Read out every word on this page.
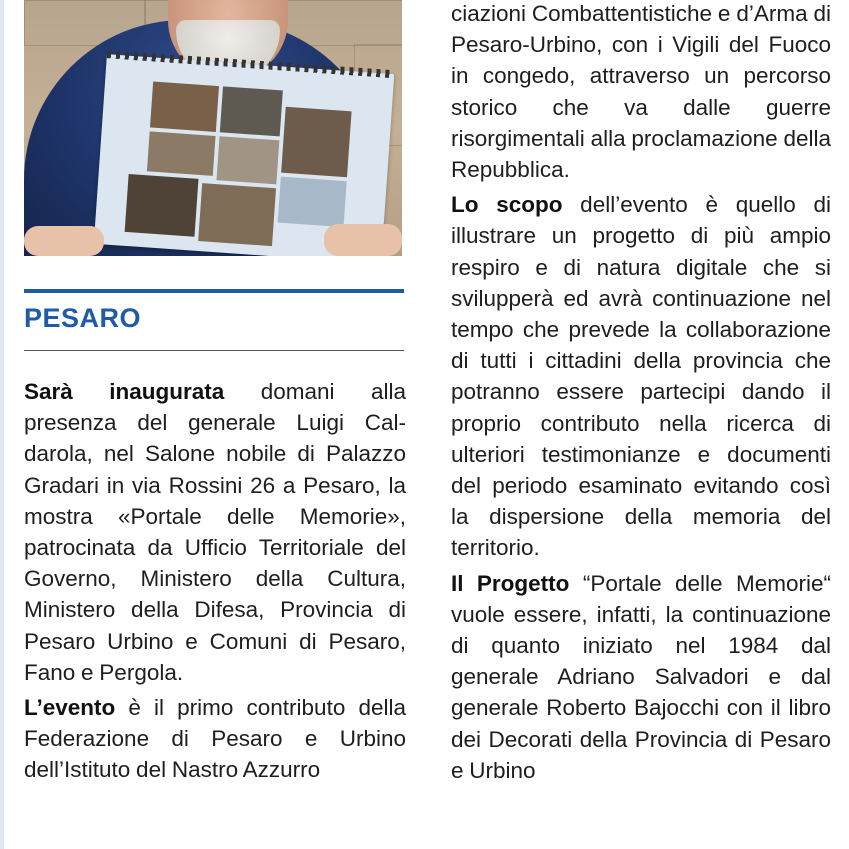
PESARO

Sarà inaugurata domani alla presenza del generale Luigi Caldarola, nel Salone nobile di Palazzo Gradari in via Rossini 26 a Pesaro, la mostra «Portale delle Memorie», patrocinata da Ufficio Territoriale del Governo, Ministero della Cultura, Ministero della Difesa, Provincia di Pesaro Urbino e Comuni di Pesaro, Fano e Pergola.

L’evento è il primo contributo della Federazione di Pesaro e Urbino dell’Istituto del Nastro Azzurro

ciazioni Combattentistiche e d’Arma di Pesaro-Urbino, con i Vigili del Fuoco in congedo, attraverso un percorso storico che va dalle guerre risorgimentali alla proclamazione della Repubblica.

Lo scopo dell’evento è quello di illustrare un progetto di più ampio respiro e di natura digitale che si svilupperà ed avrà continuazione nel tempo che prevede la collaborazione di tutti i cittadini della provincia che potranno essere partecipi dando il proprio contributo nella ricerca di ulteriori testimonianze e documenti del periodo esaminato evitando così la dispersione della memoria del territorio.

Il Progetto “Portale delle Memorie“ vuole essere, infatti, la continuazione di quanto iniziato nel 1984 dal generale Adriano Salvadori e dal generale Roberto Bajocchi con il libro dei Decorati della Provincia di Pesaro e Urbino
